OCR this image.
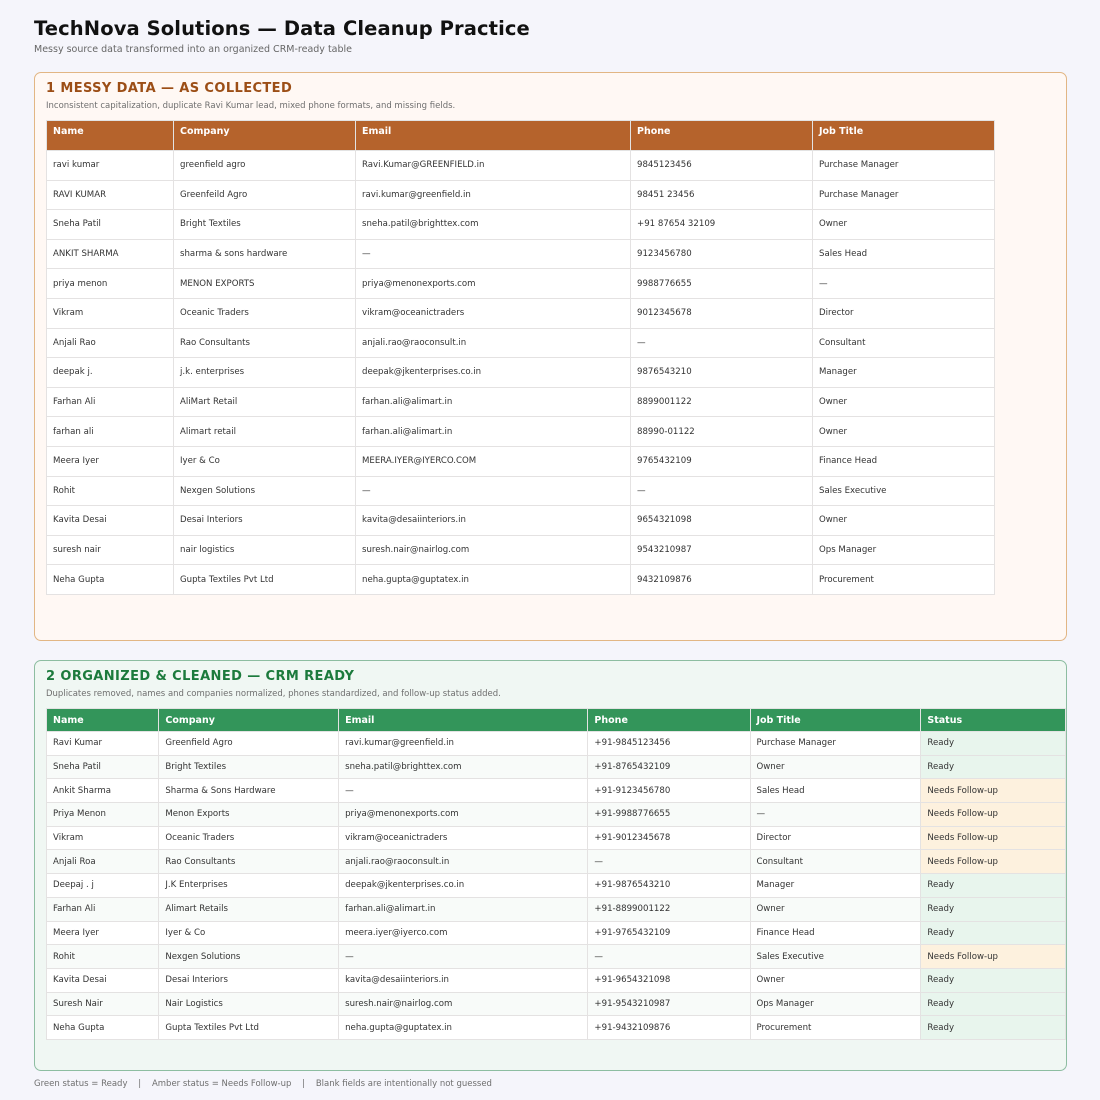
TechNova Solutions — Data Cleanup Practice
Messy source data transformed into an organized CRM-ready table
1 MESSY DATA — AS COLLECTED
Inconsistent capitalization, duplicate Ravi Kumar lead, mixed phone formats, and missing fields.
Name	Company	Email	Phone	Job Title
ravi kumar	greenfield agro	Ravi.Kumar@GREENFIELD.in	9845123456	Purchase Manager
RAVI KUMAR	Greenfeild Agro	ravi.kumar@greenfield.in	98451 23456	Purchase Manager
Sneha Patil	Bright Textiles	sneha.patil@brighttex.com	+91 87654 32109	Owner
ANKIT SHARMA	sharma & sons hardware	—	9123456780	Sales Head
priya menon	MENON EXPORTS	priya@menonexports.com	9988776655	—
Vikram	Oceanic Traders	vikram@oceanictraders	9012345678	Director
Anjali Rao	Rao Consultants	anjali.rao@raoconsult.in	—	Consultant
deepak j.	j.k. enterprises	deepak@jkenterprises.co.in	9876543210	Manager
Farhan Ali	AliMart Retail	farhan.ali@alimart.in	8899001122	Owner
farhan ali	Alimart retail	farhan.ali@alimart.in	88990-01122	Owner
Meera Iyer	Iyer & Co	MEERA.IYER@IYERCO.COM	9765432109	Finance Head
Rohit	Nexgen Solutions	—	—	Sales Executive
Kavita Desai	Desai Interiors	kavita@desaiinteriors.in	9654321098	Owner
suresh nair	nair logistics	suresh.nair@nairlog.com	9543210987	Ops Manager
Neha Gupta	Gupta Textiles Pvt Ltd	neha.gupta@guptatex.in	9432109876	Procurement
2 ORGANIZED & CLEANED — CRM READY
Duplicates removed, names and companies normalized, phones standardized, and follow-up status added.
Name	Company	Email	Phone	Job Title	Status
Ravi Kumar	Greenfield Agro	ravi.kumar@greenfield.in	+91-9845123456	Purchase Manager	Ready
Sneha Patil	Bright Textiles	sneha.patil@brighttex.com	+91-8765432109	Owner	Ready
Ankit Sharma	Sharma & Sons Hardware	—	+91-9123456780	Sales Head	Needs Follow-up
Priya Menon	Menon Exports	priya@menonexports.com	+91-9988776655	—	Needs Follow-up
Vikram	Oceanic Traders	vikram@oceanictraders	+91-9012345678	Director	Needs Follow-up
Anjali Roa	Rao Consultants	anjali.rao@raoconsult.in	—	Consultant	Needs Follow-up
Deepaj . j	J.K Enterprises	deepak@jkenterprises.co.in	+91-9876543210	Manager	Ready
Farhan Ali	Alimart Retails	farhan.ali@alimart.in	+91-8899001122	Owner	Ready
Meera Iyer	Iyer & Co	meera.iyer@iyerco.com	+91-9765432109	Finance Head	Ready
Rohit	Nexgen Solutions	—	—	Sales Executive	Needs Follow-up
Kavita Desai	Desai Interiors	kavita@desaiinteriors.in	+91-9654321098	Owner	Ready
Suresh Nair	Nair Logistics	suresh.nair@nairlog.com	+91-9543210987	Ops Manager	Ready
Neha Gupta	Gupta Textiles Pvt Ltd	neha.gupta@guptatex.in	+91-9432109876	Procurement	Ready
Green status = Ready    |    Amber status = Needs Follow-up    |    Blank fields are intentionally not guessed
